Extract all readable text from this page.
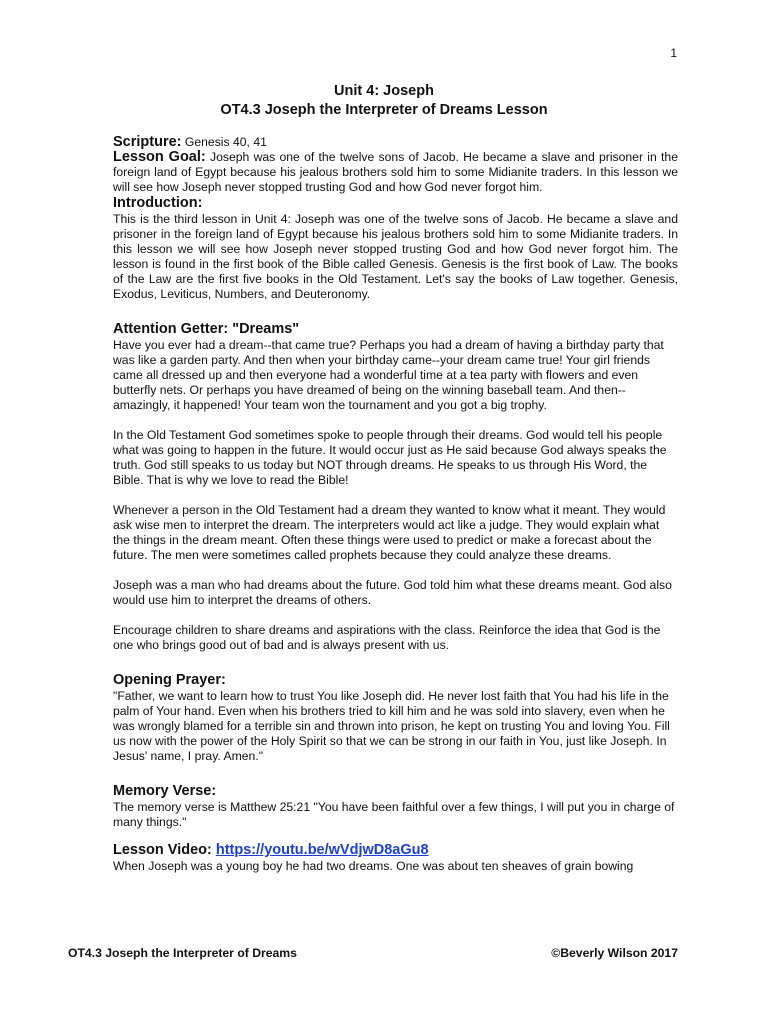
1
Unit 4: Joseph
OT4.3 Joseph the Interpreter of Dreams Lesson

Scripture: Genesis 40, 41

Lesson Goal: Joseph was one of the twelve sons of Jacob. He became a slave and prisoner in the foreign land of Egypt because his jealous brothers sold him to some Midianite traders. In this lesson we will see how Joseph never stopped trusting God and how God never forgot him.

Introduction:

This is the third lesson in Unit 4: Joseph was one of the twelve sons of Jacob. He became a slave and prisoner in the foreign land of Egypt because his jealous brothers sold him to some Midianite traders. In this lesson we will see how Joseph never stopped trusting God and how God never forgot him. The lesson is found in the first book of the Bible called Genesis. Genesis is the first book of Law. The books of the Law are the first five books in the Old Testament. Let's say the books of Law together. Genesis, Exodus, Leviticus, Numbers, and Deuteronomy.

Attention Getter: "Dreams"

Have you ever had a dream--that came true? Perhaps you had a dream of having a birthday party that was like a garden party. And then when your birthday came--your dream came true! Your girl friends came all dressed up and then everyone had a wonderful time at a tea party with flowers and even butterfly nets. Or perhaps you have dreamed of being on the winning baseball team. And then--amazingly, it happened! Your team won the tournament and you got a big trophy.

In the Old Testament God sometimes spoke to people through their dreams. God would tell his people what was going to happen in the future. It would occur just as He said because God always speaks the truth. God still speaks to us today but NOT through dreams. He speaks to us through His Word, the Bible. That is why we love to read the Bible!

Whenever a person in the Old Testament had a dream they wanted to know what it meant. They would ask wise men to interpret the dream. The interpreters would act like a judge. They would explain what the things in the dream meant. Often these things were used to predict or make a forecast about the future. The men were sometimes called prophets because they could analyze these dreams.

Joseph was a man who had dreams about the future. God told him what these dreams meant. God also would use him to interpret the dreams of others.

Encourage children to share dreams and aspirations with the class. Reinforce the idea that God is the one who brings good out of bad and is always present with us.

Opening Prayer:

"Father, we want to learn how to trust You like Joseph did. He never lost faith that You had his life in the palm of Your hand. Even when his brothers tried to kill him and he was sold into slavery, even when he was wrongly blamed for a terrible sin and thrown into prison, he kept on trusting You and loving You. Fill us now with the power of the Holy Spirit so that we can be strong in our faith in You, just like Joseph. In Jesus' name, I pray. Amen."

Memory Verse:

The memory verse is Matthew 25:21 "You have been faithful over a few things, I will put you in charge of many things."

Lesson Video: https://youtu.be/wVdjwD8aGu8

When Joseph was a young boy he had two dreams. One was about ten sheaves of grain bowing

OT4.3 Joseph the Interpreter of Dreams	©Beverly Wilson 2017
